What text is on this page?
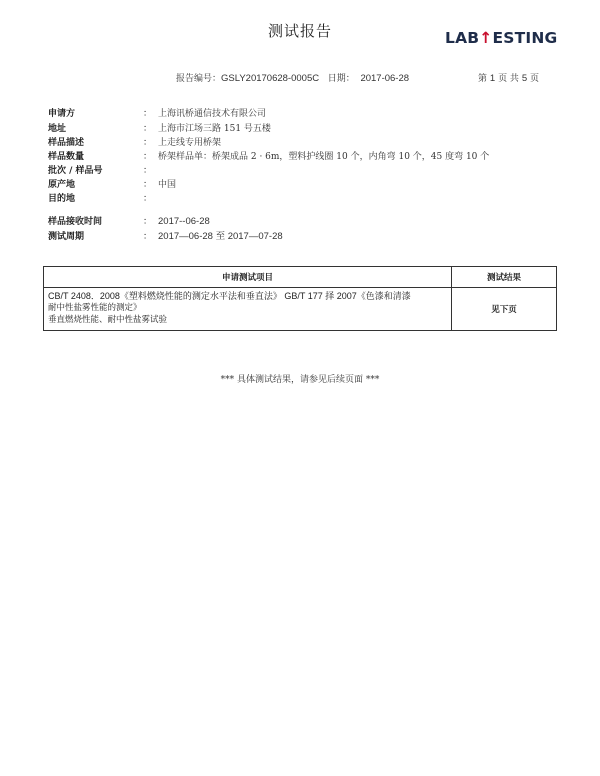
测试报告	LAB↑ESTING
报告编号：GSLY20170628-0005C 日期： 2017-06-28	第 1 页 共 5 页
申请方	： 上海讯桥通信技术有限公司
地址	： 上海市江场三路 151 号五楼
样品描述	： 上走线专用桥架
样品数量	： 桥架样品单：桥架成品 2 · 6m，塑料护线圈 10 个，内角弯 10 个，45 度弯 10 个
批次 / 样品号	：
原产地	： 中国
目的地	：
样品接收时间	： 2017--06-28
测试周期	： 2017—06-28 至 2017—07-28
申请测试项目	测试结果

CB/T 2408．2008《塑料燃烧性能的测定水平法和垂直法》 GB/T 177 择 2007《色漆和清漆
耐中性盐雾性能的测定》
垂直燃烧性能、耐中性盐雾试验	见下页
*** 具体测试结果，请参见后续页面 ***
